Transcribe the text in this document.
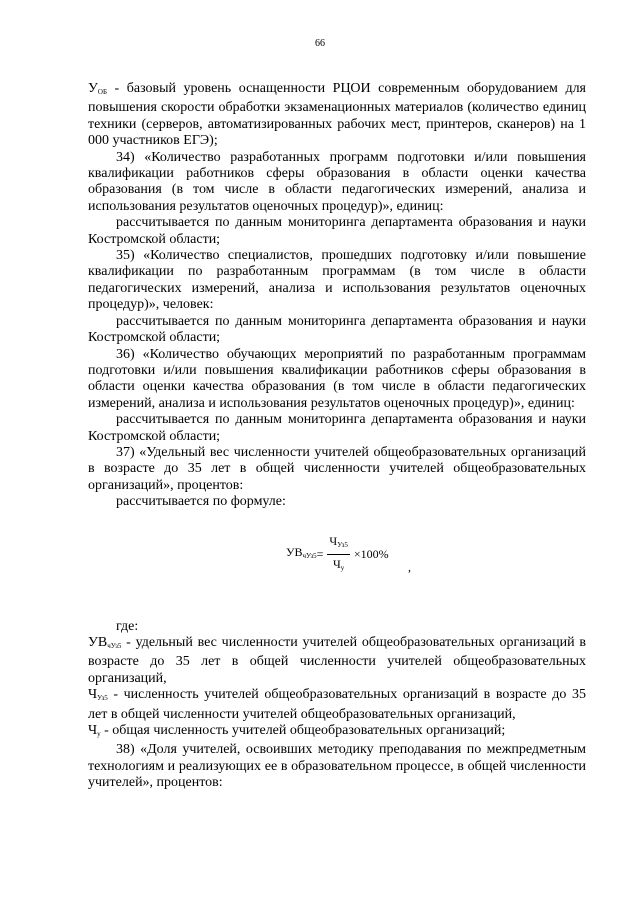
66

$У_{ОБ}$ - базовый уровень оснащенности РЦОИ современным оборудованием для повышения скорости обработки экзаменационных материалов (количество единиц техники (серверов, автоматизированных рабочих мест, принтеров, сканеров) на 1 000 участников ЕГЭ);

34) «Количество разработанных программ подготовки и/или повышения квалификации работников сферы образования в области оценки качества образования (в том числе в области педагогических измерений, анализа и использования результатов оценочных процедур)», единиц:

рассчитывается по данным мониторинга департамента образования и науки Костромской области;

35) «Количество специалистов, прошедших подготовку и/или повышение квалификации по разработанным программам (в том числе в области педагогических измерений, анализа и использования результатов оценочных процедур)», человек:

рассчитывается по данным мониторинга департамента образования и науки Костромской области;

36) «Количество обучающих мероприятий по разработанным программам подготовки и/или повышения квалификации работников сферы образования в области оценки качества образования (в том числе в области педагогических измерений, анализа и использования результатов оценочных процедур)», единиц:

рассчитывается по данным мониторинга департамента образования и науки Костромской области;

37) «Удельный вес численности учителей общеобразовательных организаций в возрасте до 35 лет в общей численности учителей общеобразовательных организаций», процентов:

рассчитывается по формуле:

$УВ_{чУз5} = \frac{Ч_{Уз5}}{Ч_у} \times 100\%$
,

где:

$УВ_{чУз5}$ - удельный вес численности учителей общеобразовательных организаций в возрасте до 35 лет в общей численности учителей общеобразовательных организаций,

$Ч_{Уз5}$ - численность учителей общеобразовательных организаций в возрасте до 35 лет в общей численности учителей общеобразовательных организаций,

$Ч_у$ - общая численность учителей общеобразовательных организаций;

38) «Доля учителей, освоивших методику преподавания по межпредметным технологиям и реализующих ее в образовательном процессе, в общей численности учителей», процентов:
